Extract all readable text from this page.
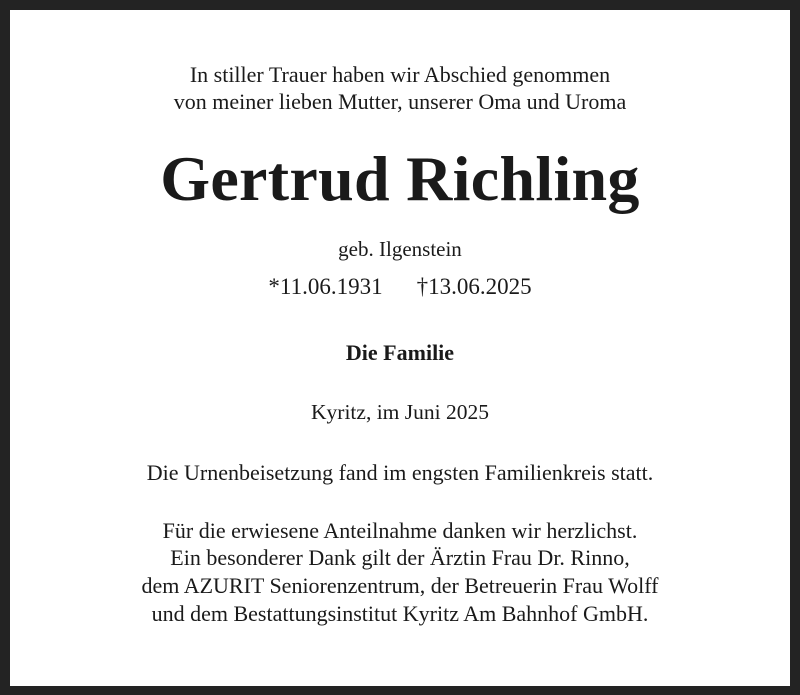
In stiller Trauer haben wir Abschied genommen

von meiner lieben Mutter, unserer Oma und Uroma

Gertrud Richling

geb. Ilgenstein

*11.06.1931 †13.06.2025

Die Familie

Kyritz, im Juni 2025

Die Urnenbeisetzung fand im engsten Familienkreis statt.

Für die erwiesene Anteilnahme danken wir herzlichst.

Ein besonderer Dank gilt der Ärztin Frau Dr. Rinno,

dem AZURIT Seniorenzentrum, der Betreuerin Frau Wolff

und dem Bestattungsinstitut Kyritz Am Bahnhof GmbH.
